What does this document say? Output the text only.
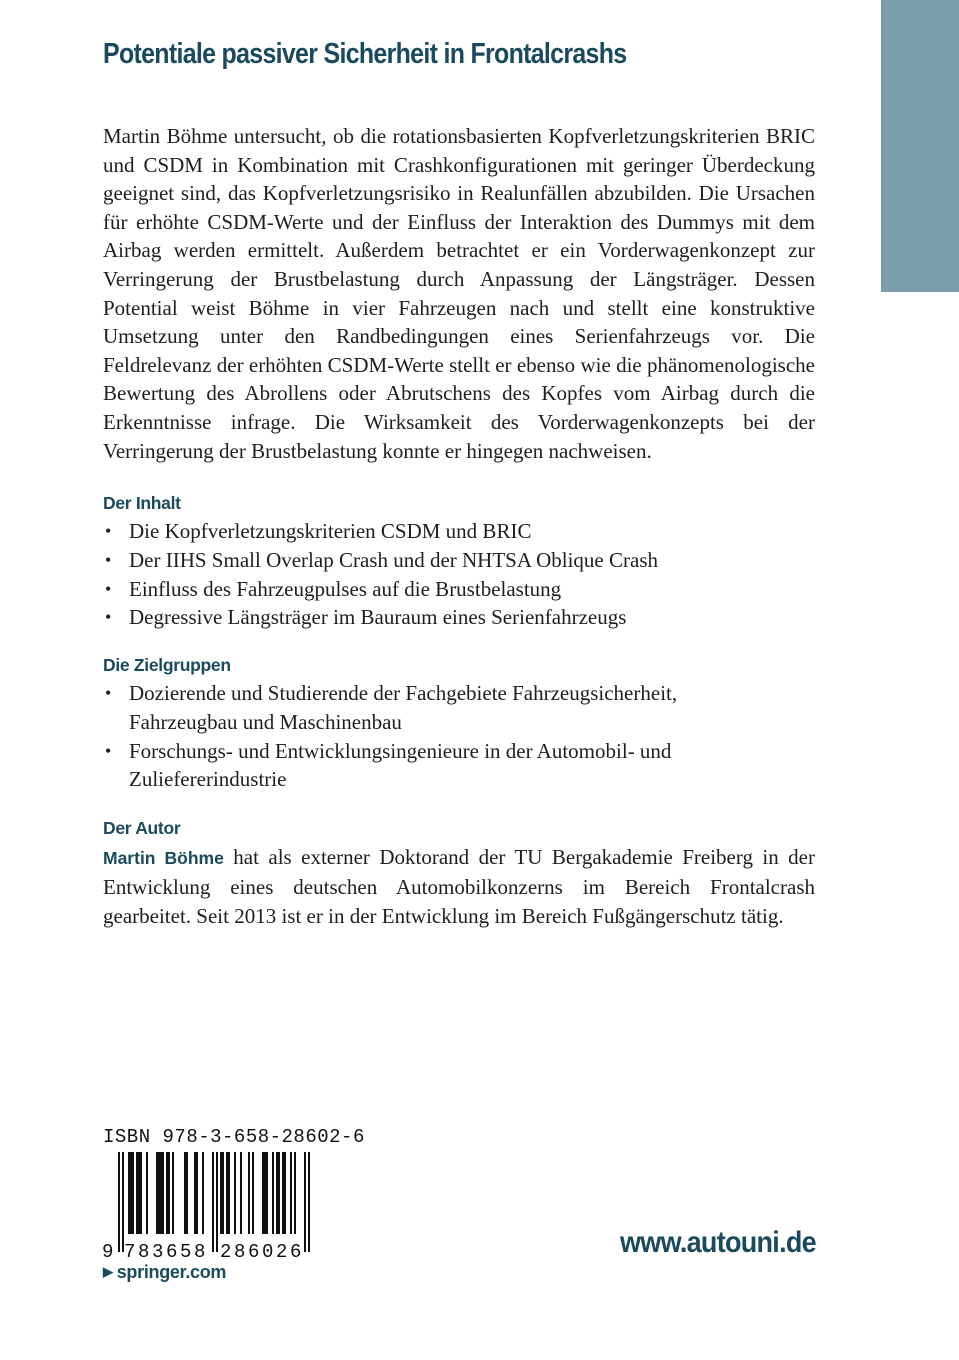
Potentiale passiver Sicherheit in Frontalcrashs

Martin Böhme untersucht, ob die rotationsbasierten Kopfverletzungskriterien BRIC und CSDM in Kombination mit Crashkonfigurationen mit geringer Überdeckung geeignet sind, das Kopfverletzungsrisiko in Realunfällen abzubilden. Die Ursachen für erhöhte CSDM-Werte und der Einfluss der Interaktion des Dummys mit dem Airbag werden ermittelt. Außerdem betrachtet er ein Vorderwagenkonzept zur Verringerung der Brustbelastung durch Anpassung der Längsträger. Dessen Potential weist Böhme in vier Fahrzeugen nach und stellt eine konstruktive Umsetzung unter den Randbedingungen eines Serienfahrzeugs vor. Die Feldrelevanz der erhöhten CSDM-Werte stellt er ebenso wie die phänomenologische Bewertung des Abrollens oder Abrutschens des Kopfes vom Airbag durch die Erkenntnisse infrage. Die Wirksamkeit des Vorderwagenkonzepts bei der Verringerung der Brustbelastung konnte er hingegen nachweisen.

Der Inhalt
• Die Kopfverletzungskriterien CSDM und BRIC
• Der IIHS Small Overlap Crash und der NHTSA Oblique Crash
• Einfluss des Fahrzeugpulses auf die Brustbelastung
• Degressive Längsträger im Bauraum eines Serienfahrzeugs
Die Zielgruppen
• Dozierende und Studierende der Fachgebiete Fahrzeugsicherheit, Fahrzeugbau und Maschinenbau
• Forschungs- und Entwicklungsingenieure in der Automobil- und Zuliefererindustrie
Der Autor

Martin Böhme hat als externer Doktorand der TU Bergakademie Freiberg in der Entwicklung eines deutschen Automobilkonzerns im Bereich Frontalcrash gearbeitet. Seit 2013 ist er in der Entwicklung im Bereich Fußgängerschutz tätig.

ISBN 978-3-658-28602-6
9 783658 286026
▶ springer.com
www.autouni.de
